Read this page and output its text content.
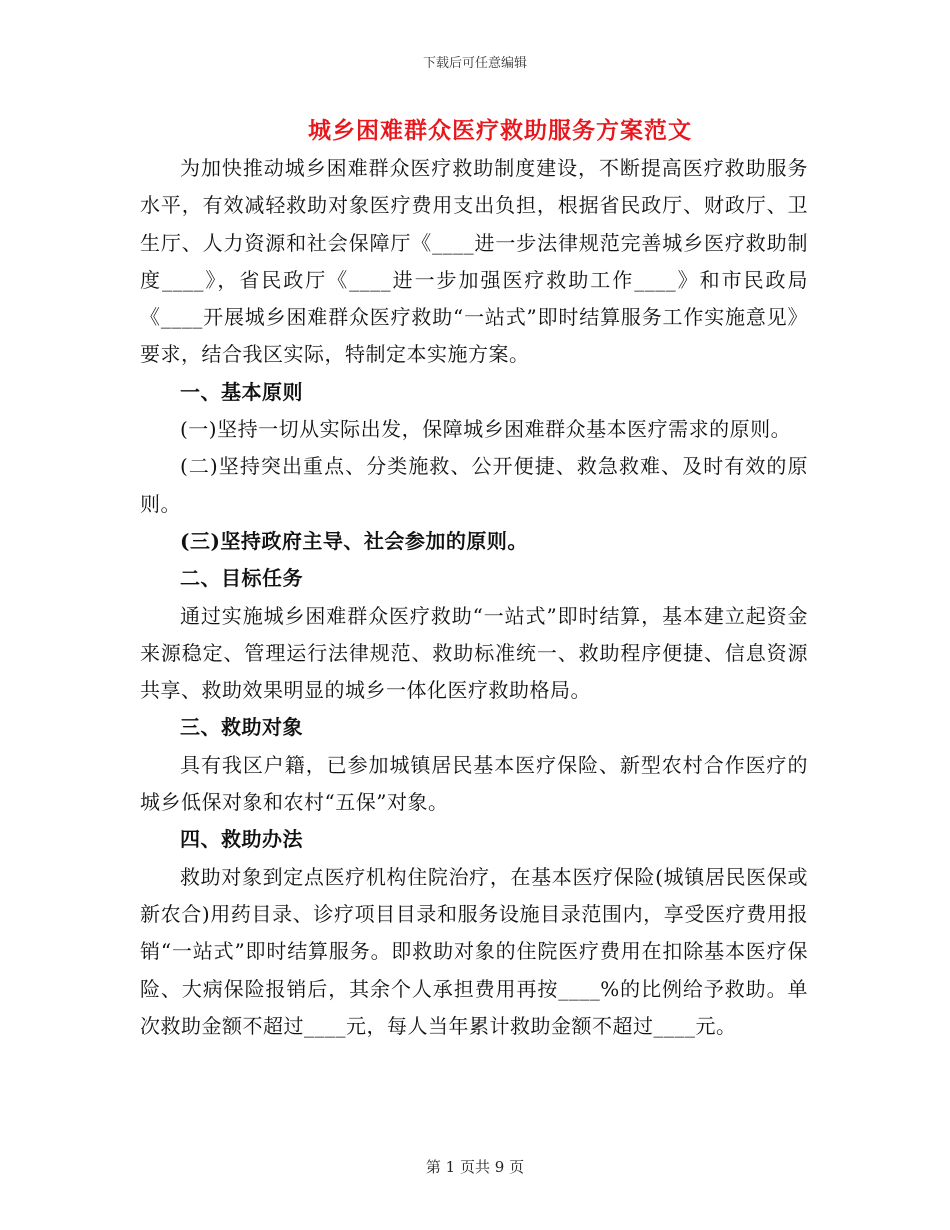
下载后可任意编辑
城乡困难群众医疗救助服务方案范文

为加快推动城乡困难群众医疗救助制度建设，不断提高医疗救助服务水平，有效减轻救助对象医疗费用支出负担，根据省民政厅、财政厅、卫生厅、人力资源和社会保障厅《____进一步法律规范完善城乡医疗救助制度____》，省民政厅《____进一步加强医疗救助工作____》和市民政局《____开展城乡困难群众医疗救助“一站式”即时结算服务工作实施意见》要求，结合我区实际，特制定本实施方案。

一、基本原则

(一)坚持一切从实际出发，保障城乡困难群众基本医疗需求的原则。

(二)坚持突出重点、分类施救、公开便捷、救急救难、及时有效的原则。

(三)坚持政府主导、社会参加的原则。

二、目标任务

通过实施城乡困难群众医疗救助“一站式”即时结算，基本建立起资金来源稳定、管理运行法律规范、救助标准统一、救助程序便捷、信息资源共享、救助效果明显的城乡一体化医疗救助格局。

三、救助对象

具有我区户籍，已参加城镇居民基本医疗保险、新型农村合作医疗的城乡低保对象和农村“五保”对象。

四、救助办法

救助对象到定点医疗机构住院治疗，在基本医疗保险(城镇居民医保或新农合)用药目录、诊疗项目目录和服务设施目录范围内，享受医疗费用报销“一站式”即时结算服务。即救助对象的住院医疗费用在扣除基本医疗保险、大病保险报销后，其余个人承担费用再按____%的比例给予救助。单次救助金额不超过____元，每人当年累计救助金额不超过____元。

第 1 页共 9 页
